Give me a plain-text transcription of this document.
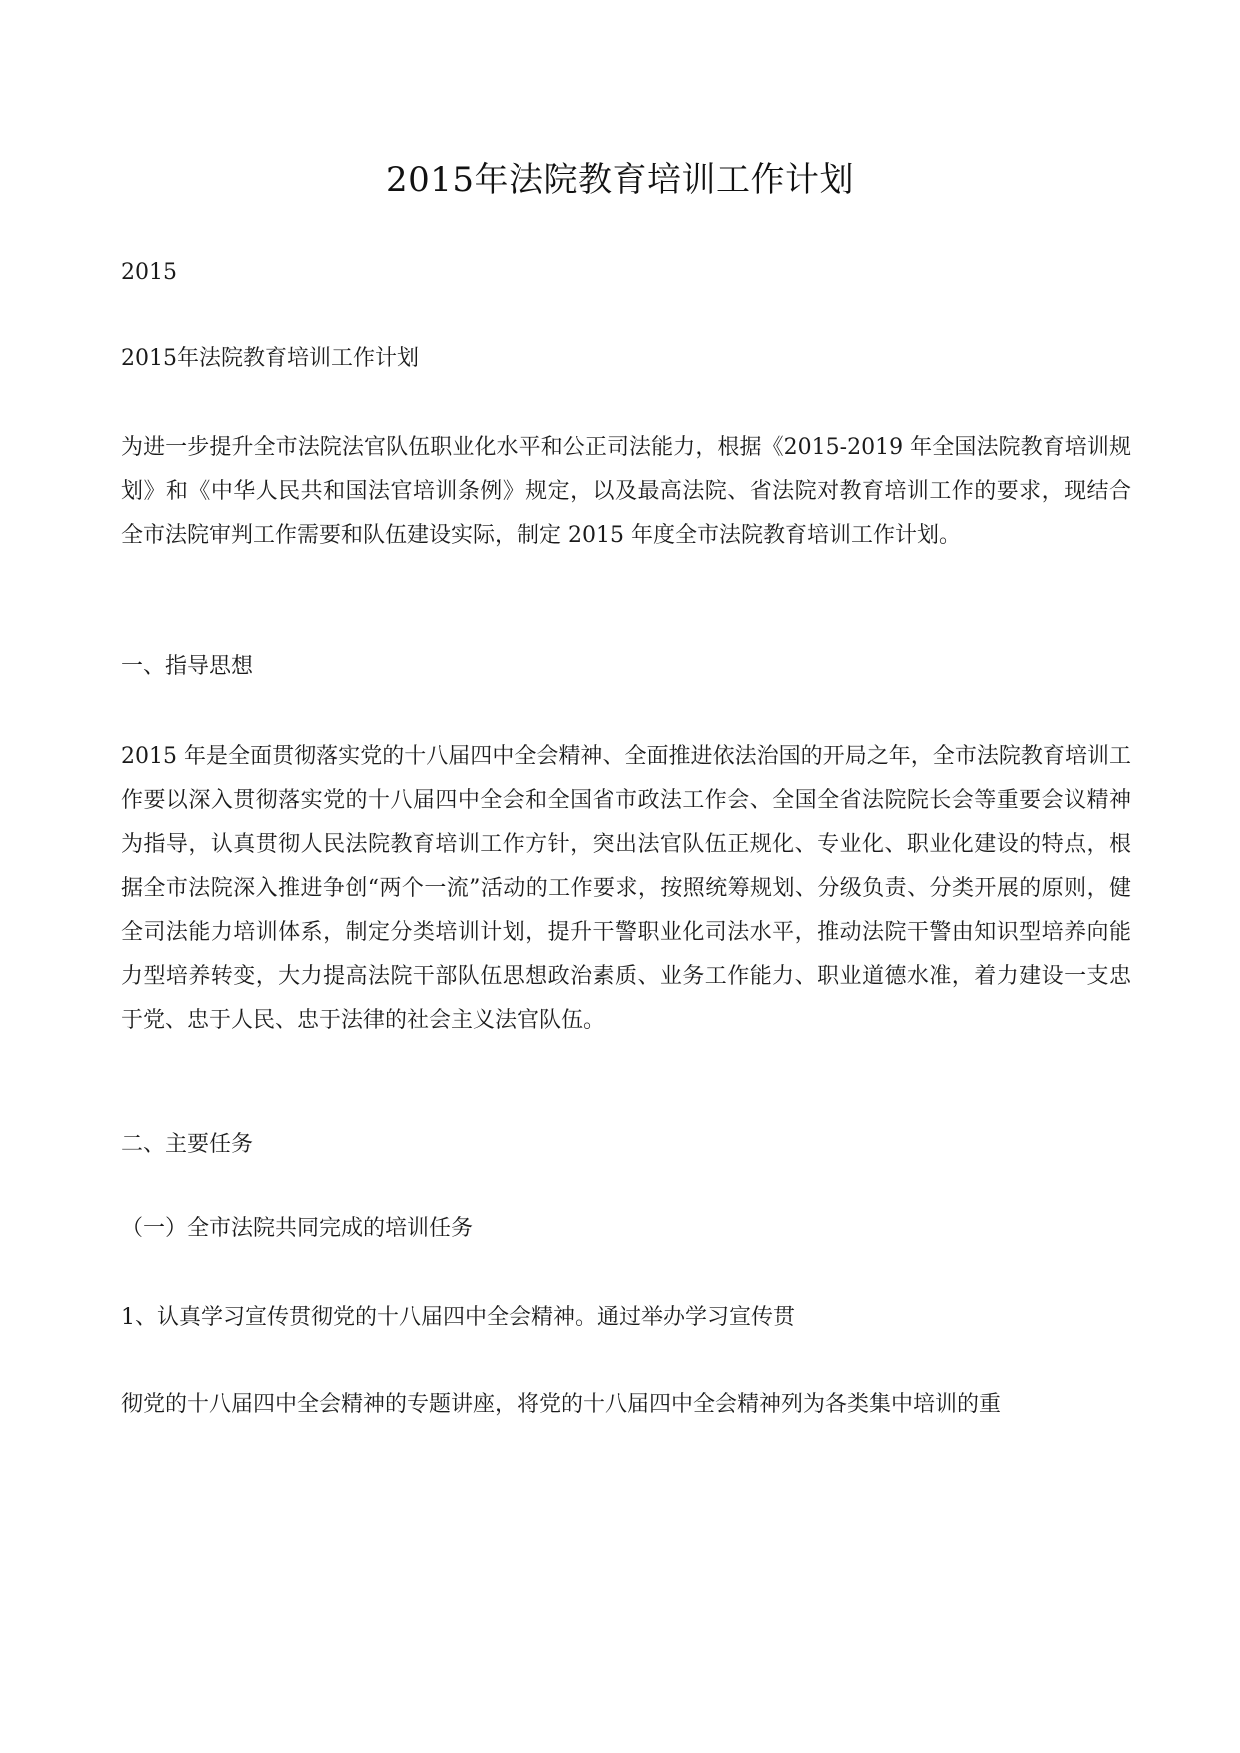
2015年法院教育培训工作计划
2015
2015年法院教育培训工作计划
为进一步提升全市法院法官队伍职业化水平和公正司法能力，根据《2015-2019 年全国法院教育培训规划》和《中华人民共和国法官培训条例》规定，以及最高法院、省法院对教育培训工作的要求，现结合全市法院审判工作需要和队伍建设实际，制定 2015 年度全市法院教育培训工作计划。
一、指导思想
2015 年是全面贯彻落实党的十八届四中全会精神、全面推进依法治国的开局之年，全市法院教育培训工作要以深入贯彻落实党的十八届四中全会和全国省市政法工作会、全国全省法院院长会等重要会议精神为指导，认真贯彻人民法院教育培训工作方针，突出法官队伍正规化、专业化、职业化建设的特点，根据全市法院深入推进争创“两个一流”活动的工作要求，按照统筹规划、分级负责、分类开展的原则，健全司法能力培训体系，制定分类培训计划，提升干警职业化司法水平，推动法院干警由知识型培养向能力型培养转变，大力提高法院干部队伍思想政治素质、业务工作能力、职业道德水准，着力建设一支忠于党、忠于人民、忠于法律的社会主义法官队伍。
二、主要任务
（一）全市法院共同完成的培训任务
1、认真学习宣传贯彻党的十八届四中全会精神。通过举办学习宣传贯
彻党的十八届四中全会精神的专题讲座，将党的十八届四中全会精神列为各类集中培训的重
